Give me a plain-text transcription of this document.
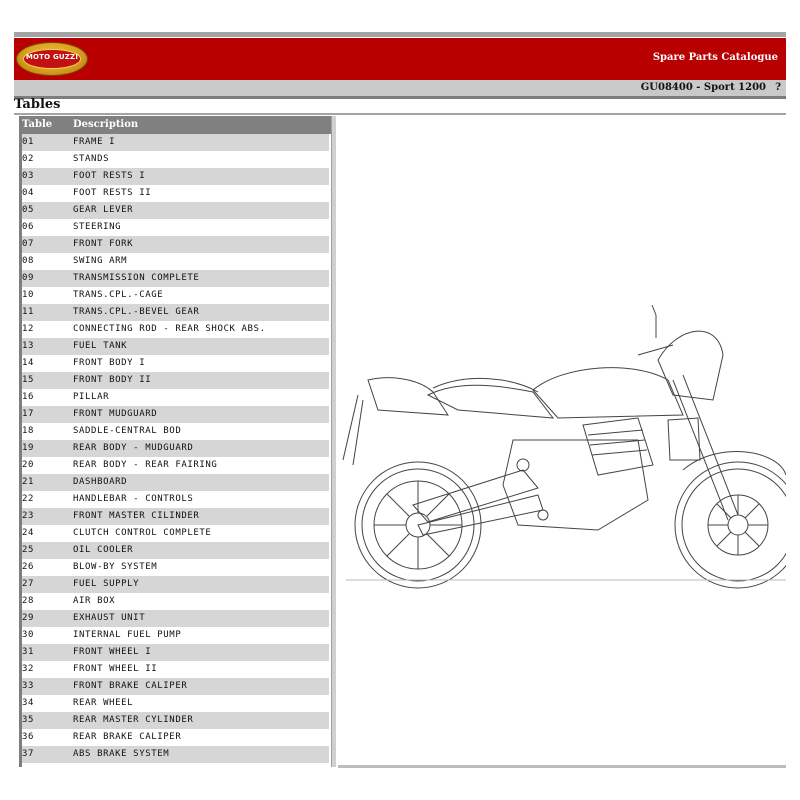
MOTO GUZZI	Spare Parts Catalogue
GU08400 - Sport 1200 ?
Tables
Table Description
01	FRAME I
02	STANDS
03	FOOT RESTS I
04	FOOT RESTS II
05	GEAR LEVER
06	STEERING
07	FRONT FORK
08	SWING ARM
09	TRANSMISSION COMPLETE
10	TRANS.CPL.-CAGE
11	TRANS.CPL.-BEVEL GEAR
12	CONNECTING ROD - REAR SHOCK ABS.
13	FUEL TANK
14	FRONT BODY I
15	FRONT BODY II
16	PILLAR
17	FRONT MUDGUARD
18	SADDLE-CENTRAL BOD
19	REAR BODY - MUDGUARD
20	REAR BODY - REAR FAIRING
21	DASHBOARD
22	HANDLEBAR - CONTROLS
23	FRONT MASTER CILINDER
24	CLUTCH CONTROL COMPLETE
25	OIL COOLER
26	BLOW-BY SYSTEM
27	FUEL SUPPLY
28	AIR BOX
29	EXHAUST UNIT
30	INTERNAL FUEL PUMP
31	FRONT WHEEL I
32	FRONT WHEEL II
33	FRONT BRAKE CALIPER
34	REAR WHEEL
35	REAR MASTER CYLINDER
36	REAR BRAKE CALIPER
37	ABS BRAKE SYSTEM
